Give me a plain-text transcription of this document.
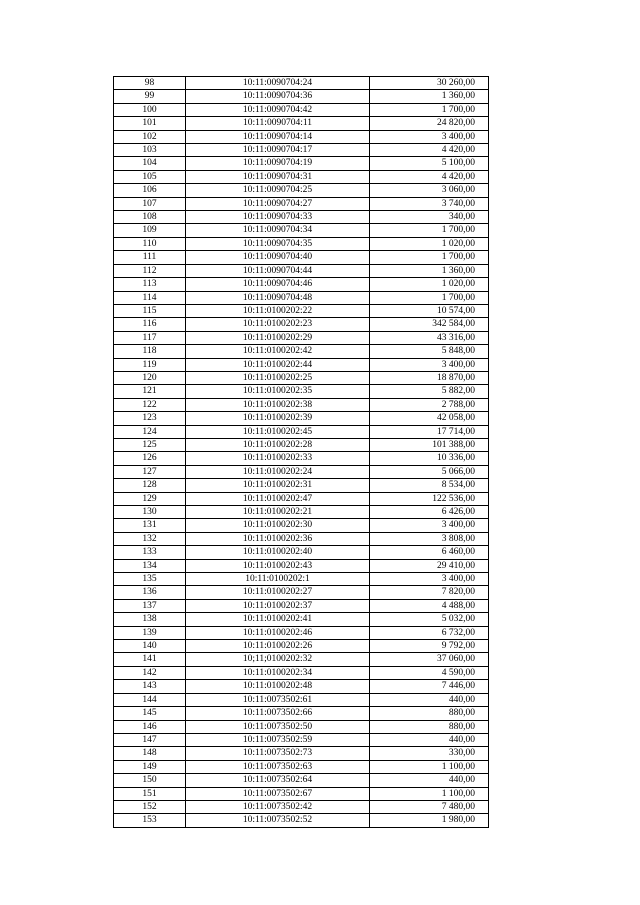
98	10:11:0090704:24	30 260,00
99	10:11:0090704:36	1 360,00
100	10:11:0090704:42	1 700,00
101	10:11:0090704:11	24 820,00
102	10:11:0090704:14	3 400,00
103	10:11:0090704:17	4 420,00
104	10:11:0090704:19	5 100,00
105	10:11:0090704:31	4 420,00
106	10:11:0090704:25	3 060,00
107	10:11:0090704:27	3 740,00
108	10:11:0090704:33	340,00
109	10:11:0090704:34	1 700,00
110	10:11:0090704:35	1 020,00
111	10:11:0090704:40	1 700,00
112	10:11:0090704:44	1 360,00
113	10:11:0090704:46	1 020,00
114	10:11:0090704:48	1 700,00
115	10:11:0100202:22	10 574,00
116	10:11:0100202:23	342 584,00
117	10:11:0100202:29	43 316,00
118	10:11:0100202:42	5 848,00
119	10:11:0100202:44	3 400,00
120	10:11:0100202:25	18 870,00
121	10:11:0100202:35	5 882,00
122	10:11:0100202:38	2 788,00
123	10:11:0100202:39	42 058,00
124	10:11:0100202:45	17 714,00
125	10:11:0100202:28	101 388,00
126	10:11:0100202:33	10 336,00
127	10:11:0100202:24	5 066,00
128	10:11:0100202:31	8 534,00
129	10:11:0100202:47	122 536,00
130	10:11:0100202:21	6 426,00
131	10:11:0100202:30	3 400,00
132	10:11:0100202:36	3 808,00
133	10:11:0100202:40	6 460,00
134	10:11:0100202:43	29 410,00
135	10:11:0100202:1	3 400,00
136	10:11:0100202:27	7 820,00
137	10:11:0100202:37	4 488,00
138	10:11:0100202:41	5 032,00
139	10:11:0100202:46	6 732,00
140	10:11:0100202:26	9 792,00
141	10;11;0100202:32	37 060,00
142	10:11:0100202:34	4 590,00
143	10:11:0100202:48	7 446,00
144	10:11:0073502:61	440,00
145	10:11:0073502:66	880,00
146	10:11:0073502:50	880,00
147	10:11:0073502:59	440,00
148	10:11:0073502:73	330,00
149	10:11:0073502:63	1 100,00
150	10:11:0073502:64	440,00
151	10:11:0073502:67	1 100,00
152	10:11:0073502:42	7 480,00
153	10:11:0073502:52	1 980,00
